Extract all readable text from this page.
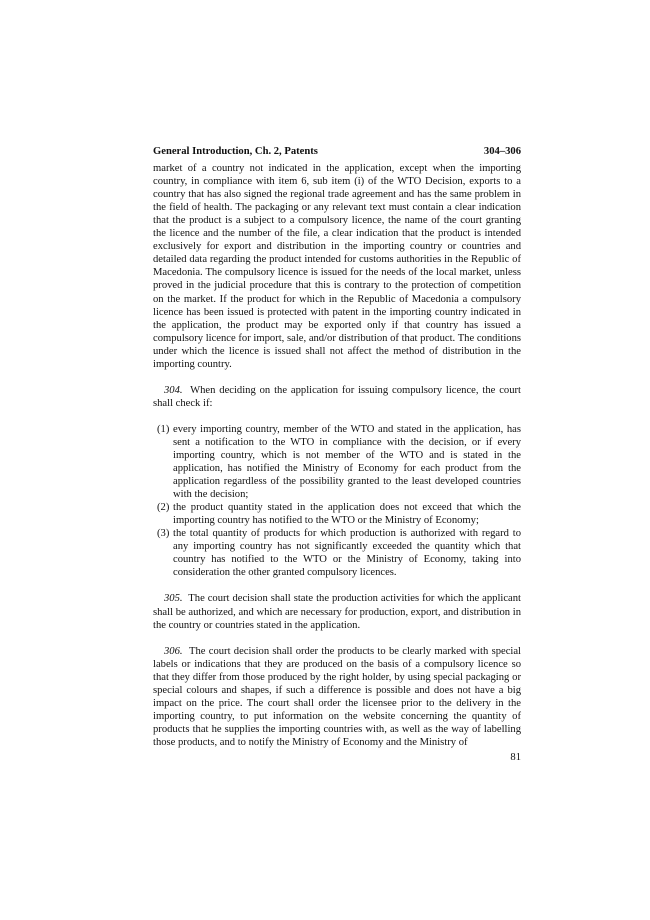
General Introduction, Ch. 2, Patents	304–306

market of a country not indicated in the application, except when the importing country, in compliance with item 6, sub item (i) of the WTO Decision, exports to a country that has also signed the regional trade agreement and has the same problem in the field of health. The packaging or any relevant text must contain a clear indication that the product is a subject to a compulsory licence, the name of the court granting the licence and the number of the file, a clear indication that the product is intended exclusively for export and distribution in the importing country or countries and detailed data regarding the product intended for customs authorities in the Republic of Macedonia. The compulsory licence is issued for the needs of the local market, unless proved in the judicial procedure that this is contrary to the protection of competition on the market. If the product for which in the Republic of Macedonia a compulsory licence has been issued is protected with patent in the importing country indicated in the application, the product may be exported only if that country has issued a compulsory licence for import, sale, and/or distribution of that product. The conditions under which the licence is issued shall not affect the method of distribution in the importing country.

304. When deciding on the application for issuing compulsory licence, the court shall check if:

(1) every importing country, member of the WTO and stated in the application, has sent a notification to the WTO in compliance with the decision, or if every importing country, which is not member of the WTO and is stated in the application, has notified the Ministry of Economy for each product from the application regardless of the possibility granted to the least developed countries with the decision;
(2) the product quantity stated in the application does not exceed that which the importing country has notified to the WTO or the Ministry of Economy;
(3) the total quantity of products for which production is authorized with regard to any importing country has not significantly exceeded the quantity which that country has notified to the WTO or the Ministry of Economy, taking into consideration the other granted compulsory licences.

305. The court decision shall state the production activities for which the applicant shall be authorized, and which are necessary for production, export, and distribution in the country or countries stated in the application.

306. The court decision shall order the products to be clearly marked with special labels or indications that they are produced on the basis of a compulsory licence so that they differ from those produced by the right holder, by using special packaging or special colours and shapes, if such a difference is possible and does not have a big impact on the price. The court shall order the licensee prior to the delivery in the importing country, to put information on the website concerning the quantity of products that he supplies the importing countries with, as well as the way of labelling those products, and to notify the Ministry of Economy and the Ministry of

81
